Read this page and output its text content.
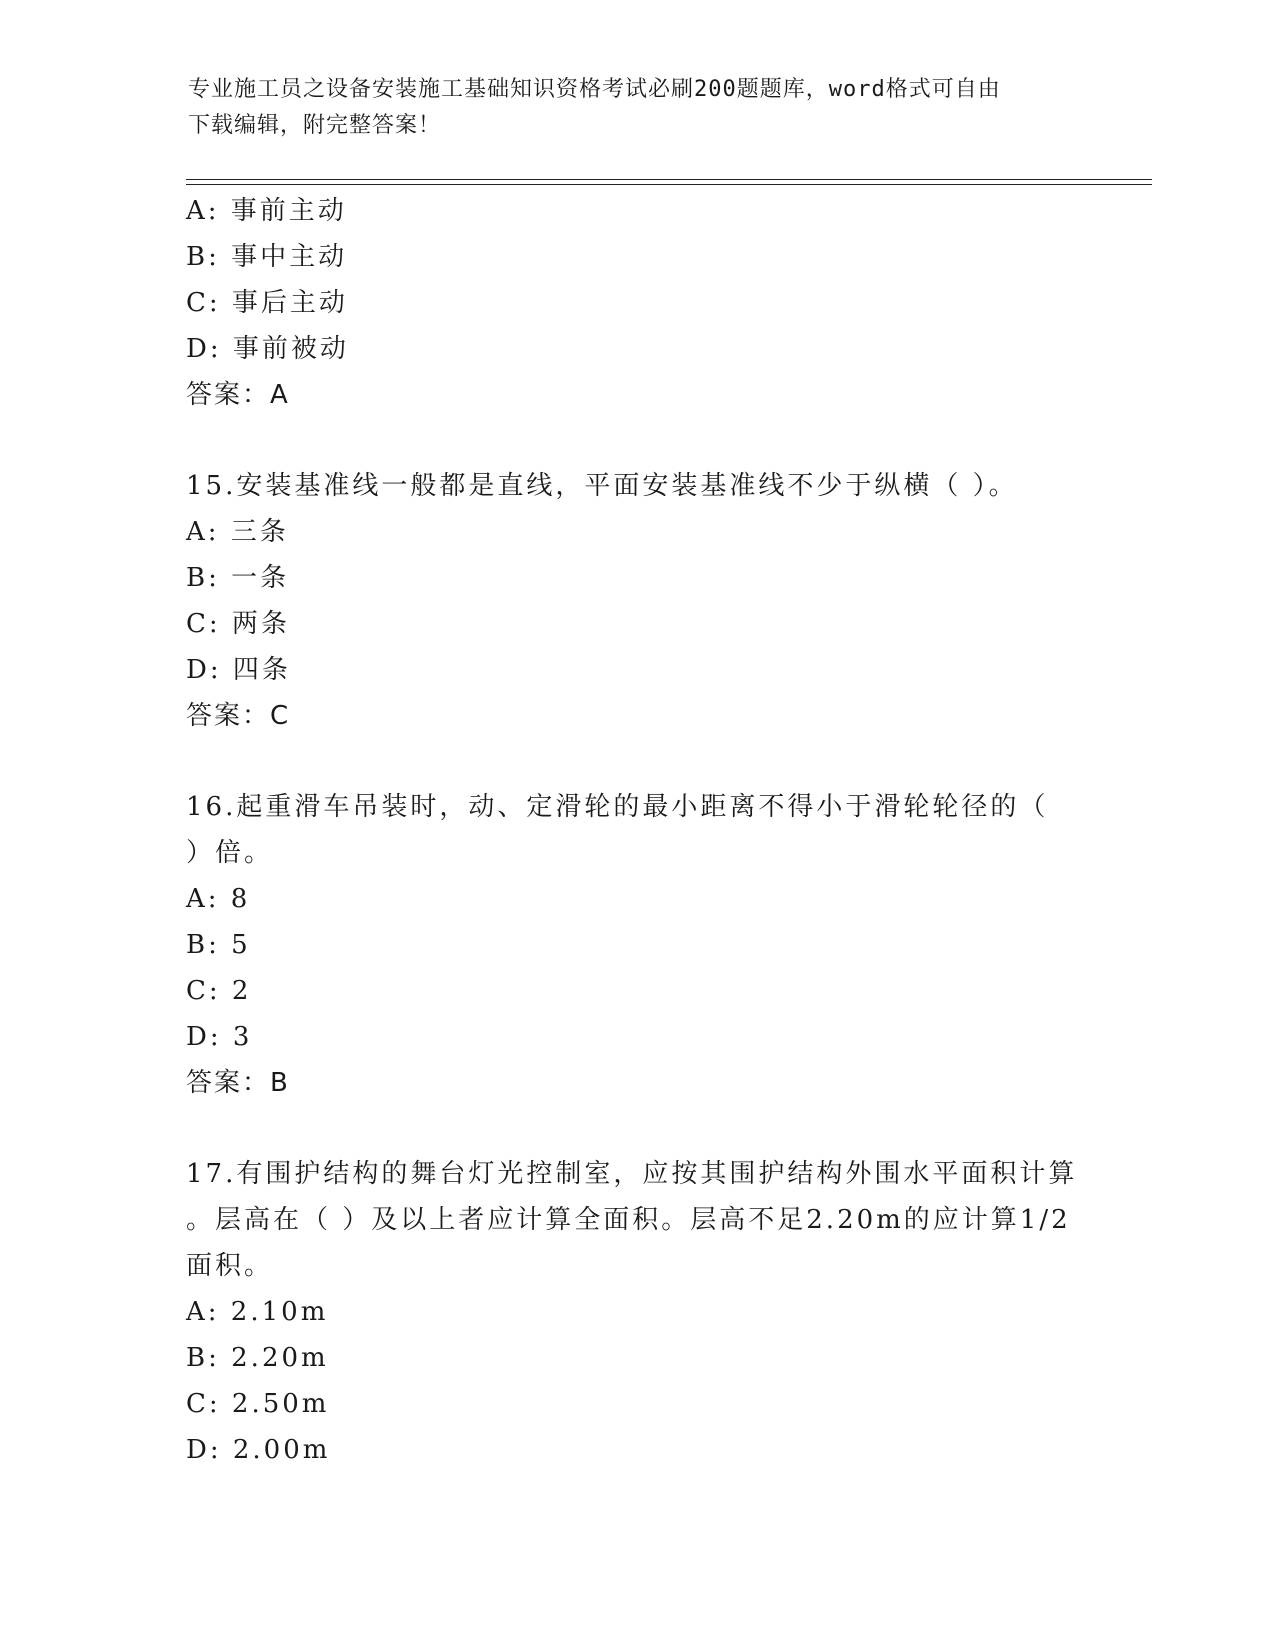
专业施工员之设备安装施工基础知识资格考试必刷200题题库，word格式可自由
下载编辑，附完整答案！
A: 事前主动
B: 事中主动
C: 事后主动
D: 事前被动
答案：A
15.安装基准线一般都是直线，平面安装基准线不少于纵横（ ）。
A: 三条
B: 一条
C: 两条
D: 四条
答案：C
16.起重滑车吊装时，动、定滑轮的最小距离不得小于滑轮轮径的（
）倍。
A: 8
B: 5
C: 2
D: 3
答案：B
17.有围护结构的舞台灯光控制室，应按其围护结构外围水平面积计算
。层高在（ ）及以上者应计算全面积。层高不足2.20m的应计算1/2
面积。
A: 2.10m
B: 2.20m
C: 2.50m
D: 2.00m
